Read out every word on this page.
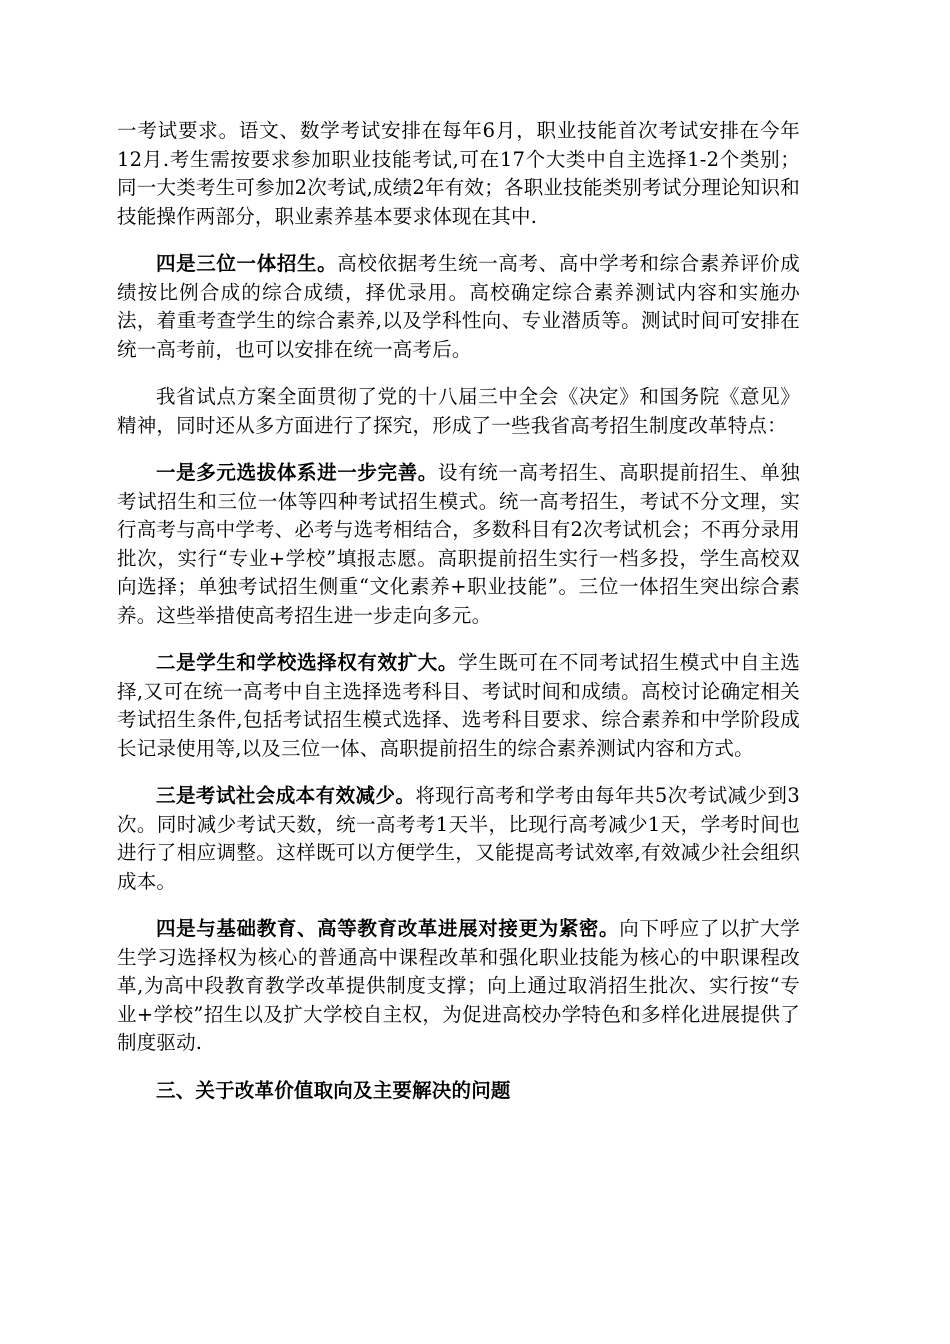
一考试要求。语文、数学考试安排在每年6月，职业技能首次考试安排在今年12月.考生需按要求参加职业技能考试,可在17个大类中自主选择1-2个类别；同一大类考生可参加2次考试,成绩2年有效；各职业技能类别考试分理论知识和技能操作两部分，职业素养基本要求体现在其中.

四是三位一体招生。高校依据考生统一高考、高中学考和综合素养评价成绩按比例合成的综合成绩，择优录用。高校确定综合素养测试内容和实施办法，着重考查学生的综合素养,以及学科性向、专业潜质等。测试时间可安排在统一高考前，也可以安排在统一高考后。

我省试点方案全面贯彻了党的十八届三中全会《决定》和国务院《意见》精神，同时还从多方面进行了探究，形成了一些我省高考招生制度改革特点：

一是多元选拔体系进一步完善。设有统一高考招生、高职提前招生、单独考试招生和三位一体等四种考试招生模式。统一高考招生，考试不分文理，实行高考与高中学考、必考与选考相结合，多数科目有2次考试机会；不再分录用批次，实行“专业+学校”填报志愿。高职提前招生实行一档多投，学生高校双向选择；单独考试招生侧重“文化素养+职业技能”。三位一体招生突出综合素养。这些举措使高考招生进一步走向多元。

二是学生和学校选择权有效扩大。学生既可在不同考试招生模式中自主选择,又可在统一高考中自主选择选考科目、考试时间和成绩。高校讨论确定相关考试招生条件,包括考试招生模式选择、选考科目要求、综合素养和中学阶段成长记录使用等,以及三位一体、高职提前招生的综合素养测试内容和方式。

三是考试社会成本有效减少。将现行高考和学考由每年共5次考试减少到3次。同时减少考试天数，统一高考考1天半，比现行高考减少1天，学考时间也进行了相应调整。这样既可以方便学生，又能提高考试效率,有效减少社会组织成本。

四是与基础教育、高等教育改革进展对接更为紧密。向下呼应了以扩大学生学习选择权为核心的普通高中课程改革和强化职业技能为核心的中职课程改革,为高中段教育教学改革提供制度支撑；向上通过取消招生批次、实行按“专业+学校”招生以及扩大学校自主权，为促进高校办学特色和多样化进展提供了制度驱动.

三、关于改革价值取向及主要解决的问题
